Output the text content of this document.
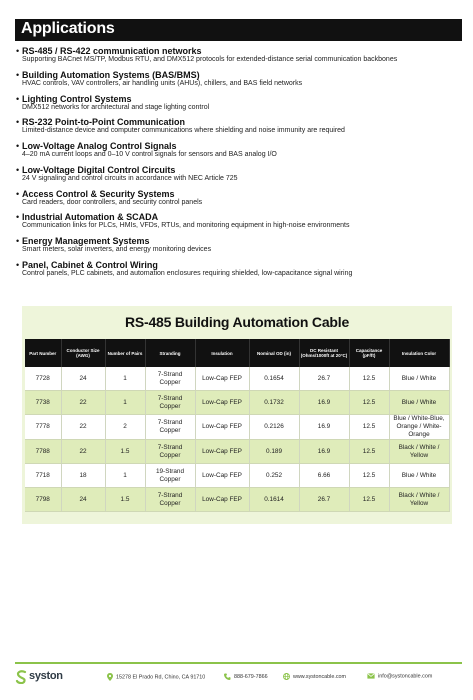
Applications
• RS-485 / RS-422 communication networks
Supporting BACnet MS/TP, Modbus RTU, and DMX512 protocols for extended-distance serial communication backbones
• Building Automation Systems (BAS/BMS)
HVAC controls, VAV controllers, air handling units (AHUs), chillers, and BAS field networks
• Lighting Control Systems
DMX512 networks for architectural and stage lighting control
• RS-232 Point-to-Point Communication
Limited-distance device and computer communications where shielding and noise immunity are required
• Low-Voltage Analog Control Signals
4–20 mA current loops and 0–10 V control signals for sensors and BAS analog I/O
• Low-Voltage Digital Control Circuits
24 V signaling and control circuits in accordance with NEC Article 725
• Access Control & Security Systems
Card readers, door controllers, and security control panels
• Industrial Automation & SCADA
Communication links for PLCs, HMIs, VFDs, RTUs, and monitoring equipment in high-noise environments
• Energy Management Systems
Smart meters, solar inverters, and energy monitoring devices
• Panel, Cabinet & Control Wiring
Control panels, PLC cabinets, and automation enclosures requiring shielded, low-capacitance signal wiring
RS-485 Building Automation Cable
Part Number	Conductor Size (AWG)	Number of Pairs	Stranding	Insulation	Nominal OD (in)	DC Resistant (Ohms/1000ft at 20°C)	Capacitance (pF/ft)	Insulation Color
7728	24	1	7-Strand Copper	Low-Cap FEP	0.1654	26.7	12.5	Blue / White
7738	22	1	7-Strand Copper	Low-Cap FEP	0.1732	16.9	12.5	Blue / White
7778	22	2	7-Strand Copper	Low-Cap FEP	0.2126	16.9	12.5	Blue / White-Blue, Orange / White-Orange
7788	22	1.5	7-Strand Copper	Low-Cap FEP	0.189	16.9	12.5	Black / White / Yellow
7718	18	1	19-Strand Copper	Low-Cap FEP	0.252	6.66	12.5	Blue / White
7798	24	1.5	7-Strand Copper	Low-Cap FEP	0.1614	26.7	12.5	Black / White / Yellow
syston	15278 El Prado Rd, Chino, CA 91710	888-679-7866	www.systoncable.com	info@systoncable.com
